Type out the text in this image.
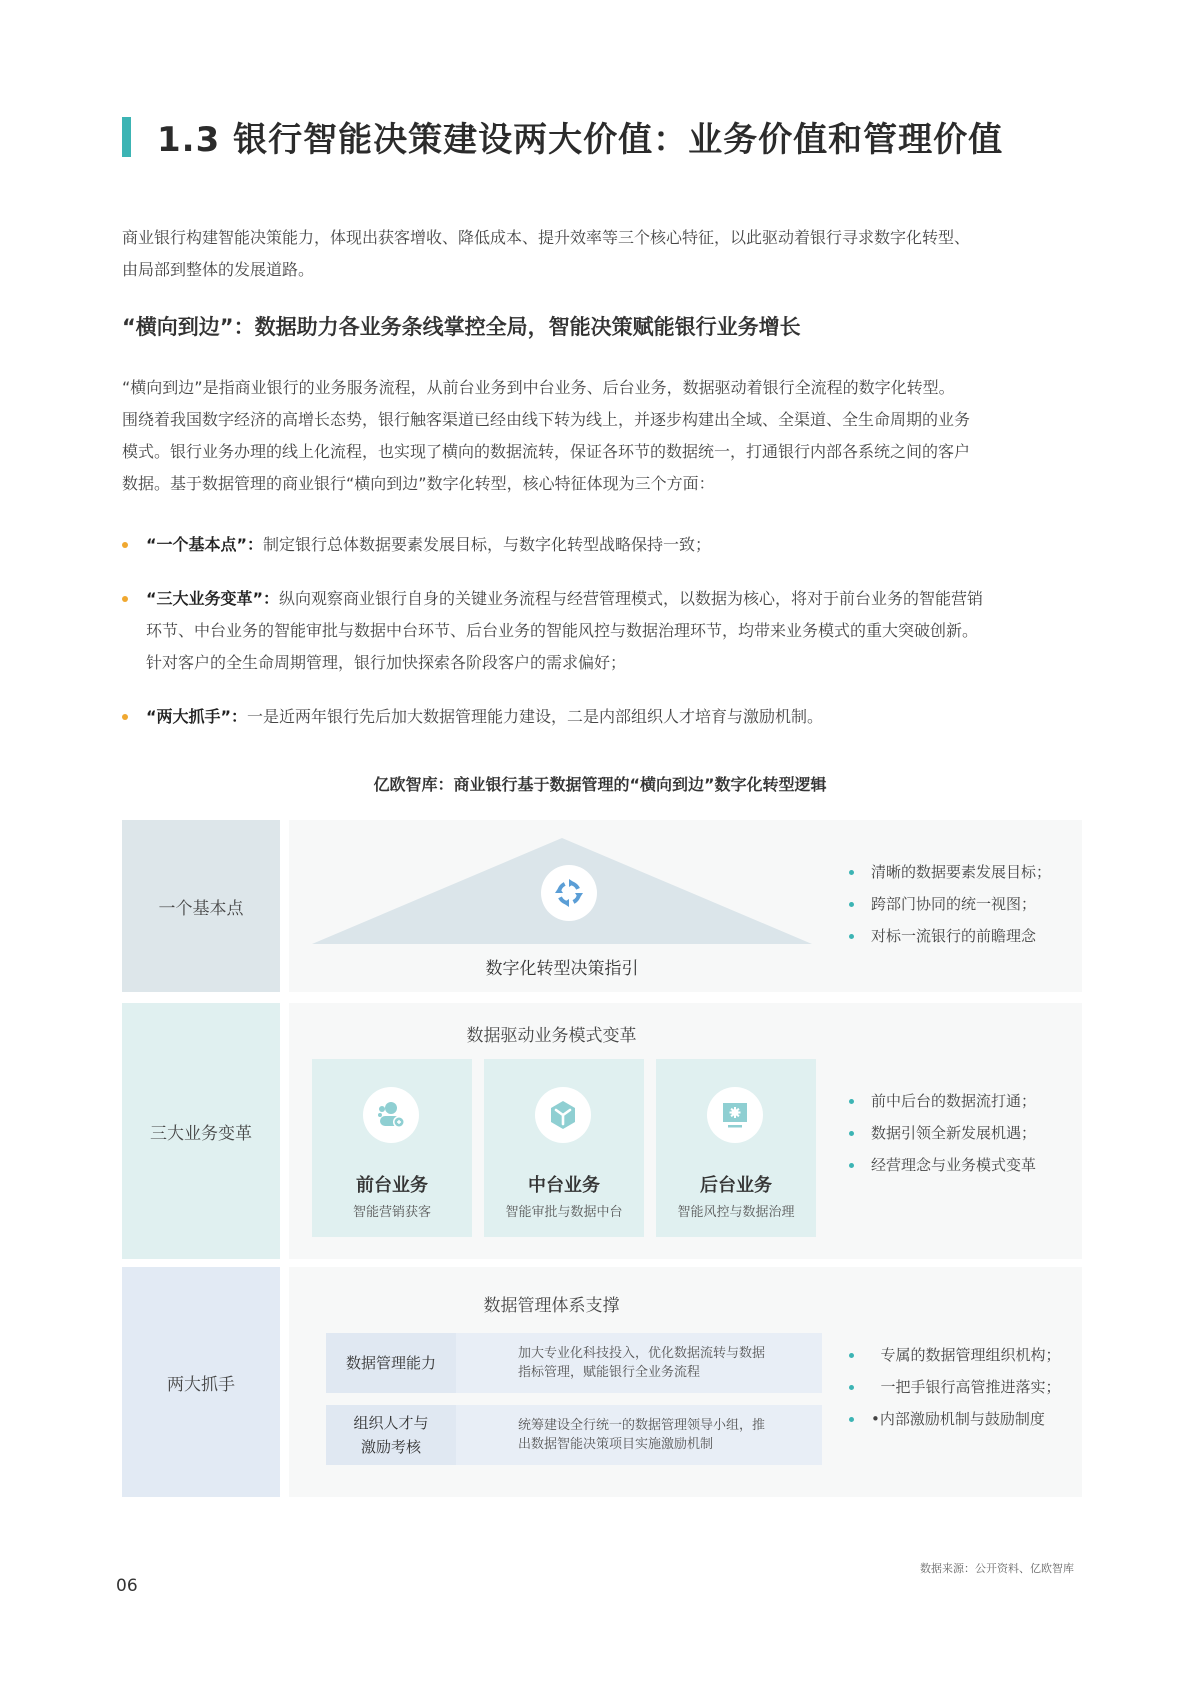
1.3 银行智能决策建设两大价值：业务价值和管理价值
商业银行构建智能决策能力，体现出获客增收、降低成本、提升效率等三个核心特征，以此驱动着银行寻求数字化转型、
由局部到整体的发展道路。
“横向到边”：数据助力各业务条线掌控全局，智能决策赋能银行业务增长
“横向到边”是指商业银行的业务服务流程，从前台业务到中台业务、后台业务，数据驱动着银行全流程的数字化转型。
围绕着我国数字经济的高增长态势，银行触客渠道已经由线下转为线上，并逐步构建出全域、全渠道、全生命周期的业务
模式。银行业务办理的线上化流程，也实现了横向的数据流转，保证各环节的数据统一，打通银行内部各系统之间的客户
数据。基于数据管理的商业银行“横向到边”数字化转型，核心特征体现为三个方面：
“一个基本点”：制定银行总体数据要素发展目标，与数字化转型战略保持一致；
“三大业务变革”：纵向观察商业银行自身的关键业务流程与经营管理模式，以数据为核心，将对于前台业务的智能营销
环节、中台业务的智能审批与数据中台环节、后台业务的智能风控与数据治理环节，均带来业务模式的重大突破创新。
针对客户的全生命周期管理，银行加快探索各阶段客户的需求偏好；
“两大抓手”：一是近两年银行先后加大数据管理能力建设，二是内部组织人才培育与激励机制。
亿欧智库：商业银行基于数据管理的“横向到边”数字化转型逻辑
一个基本点
数字化转型决策指引
清晰的数据要素发展目标；
跨部门协同的统一视图；
对标一流银行的前瞻理念
三大业务变革
数据驱动业务模式变革
前台业务
智能营销获客
中台业务
智能审批与数据中台
后台业务
智能风控与数据治理
前中后台的数据流打通；
数据引领全新发展机遇；
经营理念与业务模式变革
两大抓手
数据管理体系支撑
数据管理能力
加大专业化科技投入，优化数据流转与数据
指标管理，赋能银行全业务流程
组织人才与
激励考核
统筹建设全行统一的数据管理领导小组，推
出数据智能决策项目实施激励机制
专属的数据管理组织机构；
一把手银行高管推进落实；
•内部激励机制与鼓励制度
数据来源：公开资料、亿欧智库
06
